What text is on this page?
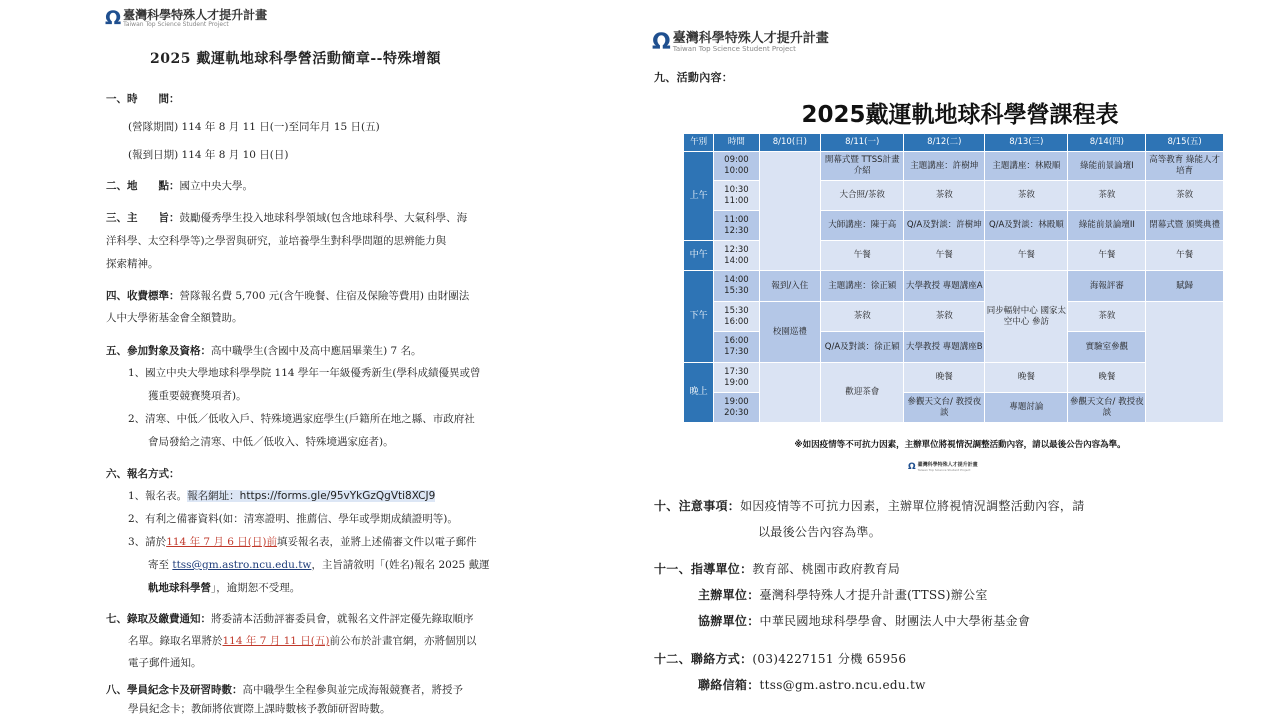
Ω 臺灣科學特殊人才提升計畫
Taiwan Top Science Student Project
2025 戴運軌地球科學營活動簡章--特殊增額
一、時　　間：
(營隊期間) 114 年 8 月 11 日(一)至同年月 15 日(五)
(報到日期) 114 年 8 月 10 日(日)
二、地　　點：國立中央大學。
三、主　　旨：鼓勵優秀學生投入地球科學領域(包含地球科學、大氣科學、海
洋科學、太空科學等)之學習與研究，並培養學生對科學問題的思辨能力與
探索精神。
四、收費標準：營隊報名費 5,700 元(含午晚餐、住宿及保險等費用) 由財團法
人中大學術基金會全額贊助。
五、參加對象及資格：高中職學生(含國中及高中應屆畢業生) 7 名。
1、國立中央大學地球科學學院 114 學年一年級優秀新生(學科成績優異或曾
獲重要競賽獎項者)。
2、清寒、中低／低收入戶、特殊境遇家庭學生(戶籍所在地之縣、市政府社
會局發給之清寒、中低／低收入、特殊境遇家庭者)。
六、報名方式：
1、報名表。報名網址：https://forms.gle/95vYkGzQgVti8XCJ9
2、有利之備審資料(如：清寒證明、推薦信、學年或學期成績證明等)。
3、請於114 年 7 月 6 日(日)前填妥報名表，並將上述備審文件以電子郵件
寄至 ttss@gm.astro.ncu.edu.tw，主旨請敘明「(姓名)報名 2025 戴運
軌地球科學營」，逾期恕不受理。
七、錄取及繳費通知：將委請本活動評審委員會，就報名文件評定優先錄取順序
名單。錄取名單將於114 年 7 月 11 日(五)前公布於計畫官網，亦將個別以
電子郵件通知。
八、學員紀念卡及研習時數：高中職學生全程參與並完成海報競賽者，將授予
學員紀念卡；教師將依實際上課時數核予教師研習時數。
Ω 臺灣科學特殊人才提升計畫
Taiwan Top Science Student Project
九、活動內容：
2025戴運軌地球科學營課程表
午別	時間	8/10(日)	8/11(一)	8/12(二)	8/13(三)	8/14(四)	8/15(五)
上午	09:00 10:00		開幕式暨 TTSS計畫介紹	主題講座：許樹坤	主題講座：林殿順	綠能前景論壇I	高等教育 綠能人才培育
	10:30 11:00		大合照/茶敘	茶敘	茶敘	茶敘	茶敘
	11:00 12:30		大師講座：陳于高	Q/A及對談：許樹坤	Q/A及對談：林殿順	綠能前景論壇II	閉幕式暨 頒獎典禮
中午	12:30 14:00		午餐	午餐	午餐	午餐	午餐
下午	14:00 15:30	報到/入住	主題講座：徐正穎	大學教授 專題講座A	同步輻射中心 國家太空中心 參訪	海報評審	賦歸
	15:30 16:00	校園巡禮	茶敘	茶敘		茶敘	
	16:00 17:30		Q/A及對談：徐正穎	大學教授 專題講座B		實驗室參觀	
晚上	17:30 19:00		歡迎茶會	晚餐	晚餐	晚餐	
	19:00 20:30			參觀天文台/ 教授夜談	專題討論	參觀天文台/ 教授夜談	
※如因疫情等不可抗力因素，主辦單位將視情況調整活動內容，請以最後公告內容為準。
Ω 臺灣科學特殊人才提升計畫
Taiwan Top Science Student Project
十、注意事項：如因疫情等不可抗力因素，主辦單位將視情況調整活動內容，請
以最後公告內容為準。
十一、指導單位：教育部、桃園市政府教育局
主辦單位：臺灣科學特殊人才提升計畫(TTSS)辦公室
協辦單位：中華民國地球科學學會、財團法人中大學術基金會
十二、聯絡方式：(03)4227151 分機 65956
聯絡信箱：ttss@gm.astro.ncu.edu.tw
